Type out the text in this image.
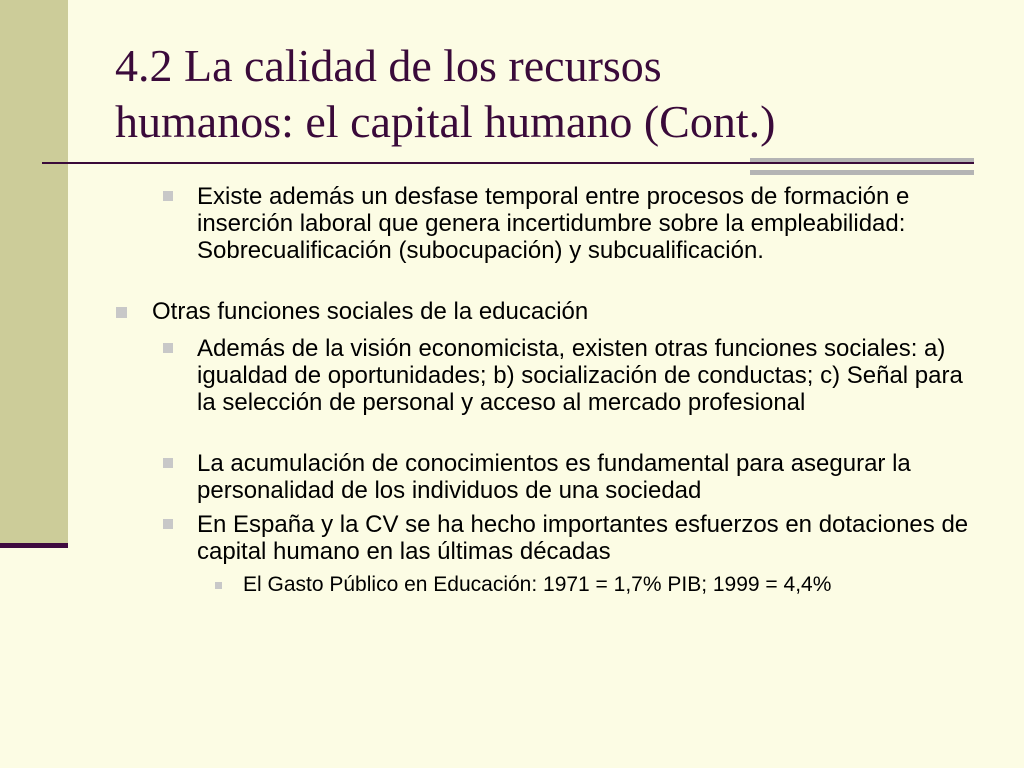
4.2 La calidad de los recursos
humanos: el capital humano (Cont.)
Existe además un desfase temporal entre procesos de formación e inserción laboral que genera incertidumbre sobre la empleabilidad: Sobrecualificación (subocupación) y subcualificación.
Otras funciones sociales de la educación
Además de la visión economicista, existen otras funciones sociales: a) igualdad de oportunidades; b) socialización de conductas; c) Señal para la selección de personal y acceso al mercado profesional
La acumulación de conocimientos es fundamental para asegurar la personalidad de los individuos de una sociedad
En España y la CV se ha hecho importantes esfuerzos en dotaciones de capital humano en las últimas décadas
El Gasto Público en Educación: 1971 = 1,7% PIB; 1999 = 4,4%
